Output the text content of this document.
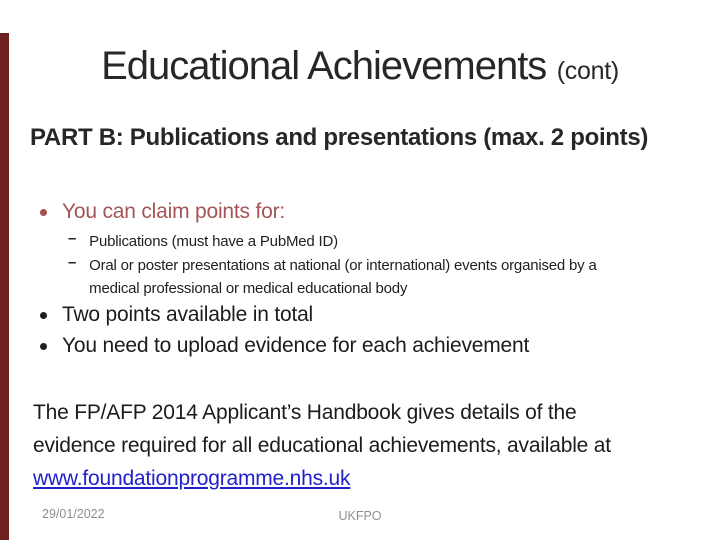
Educational Achievements (cont)
PART B: Publications and presentations (max. 2 points)
You can claim points for:
– Publications (must have a PubMed ID)
– Oral or poster presentations at national (or international) events organised by a
medical professional or medical educational body
Two points available in total
You need to upload evidence for each achievement
The FP/AFP 2014 Applicant’s Handbook gives details of the
evidence required for all educational achievements, available at
www.foundationprogramme.nhs.uk
29/01/2022	UKFPO
